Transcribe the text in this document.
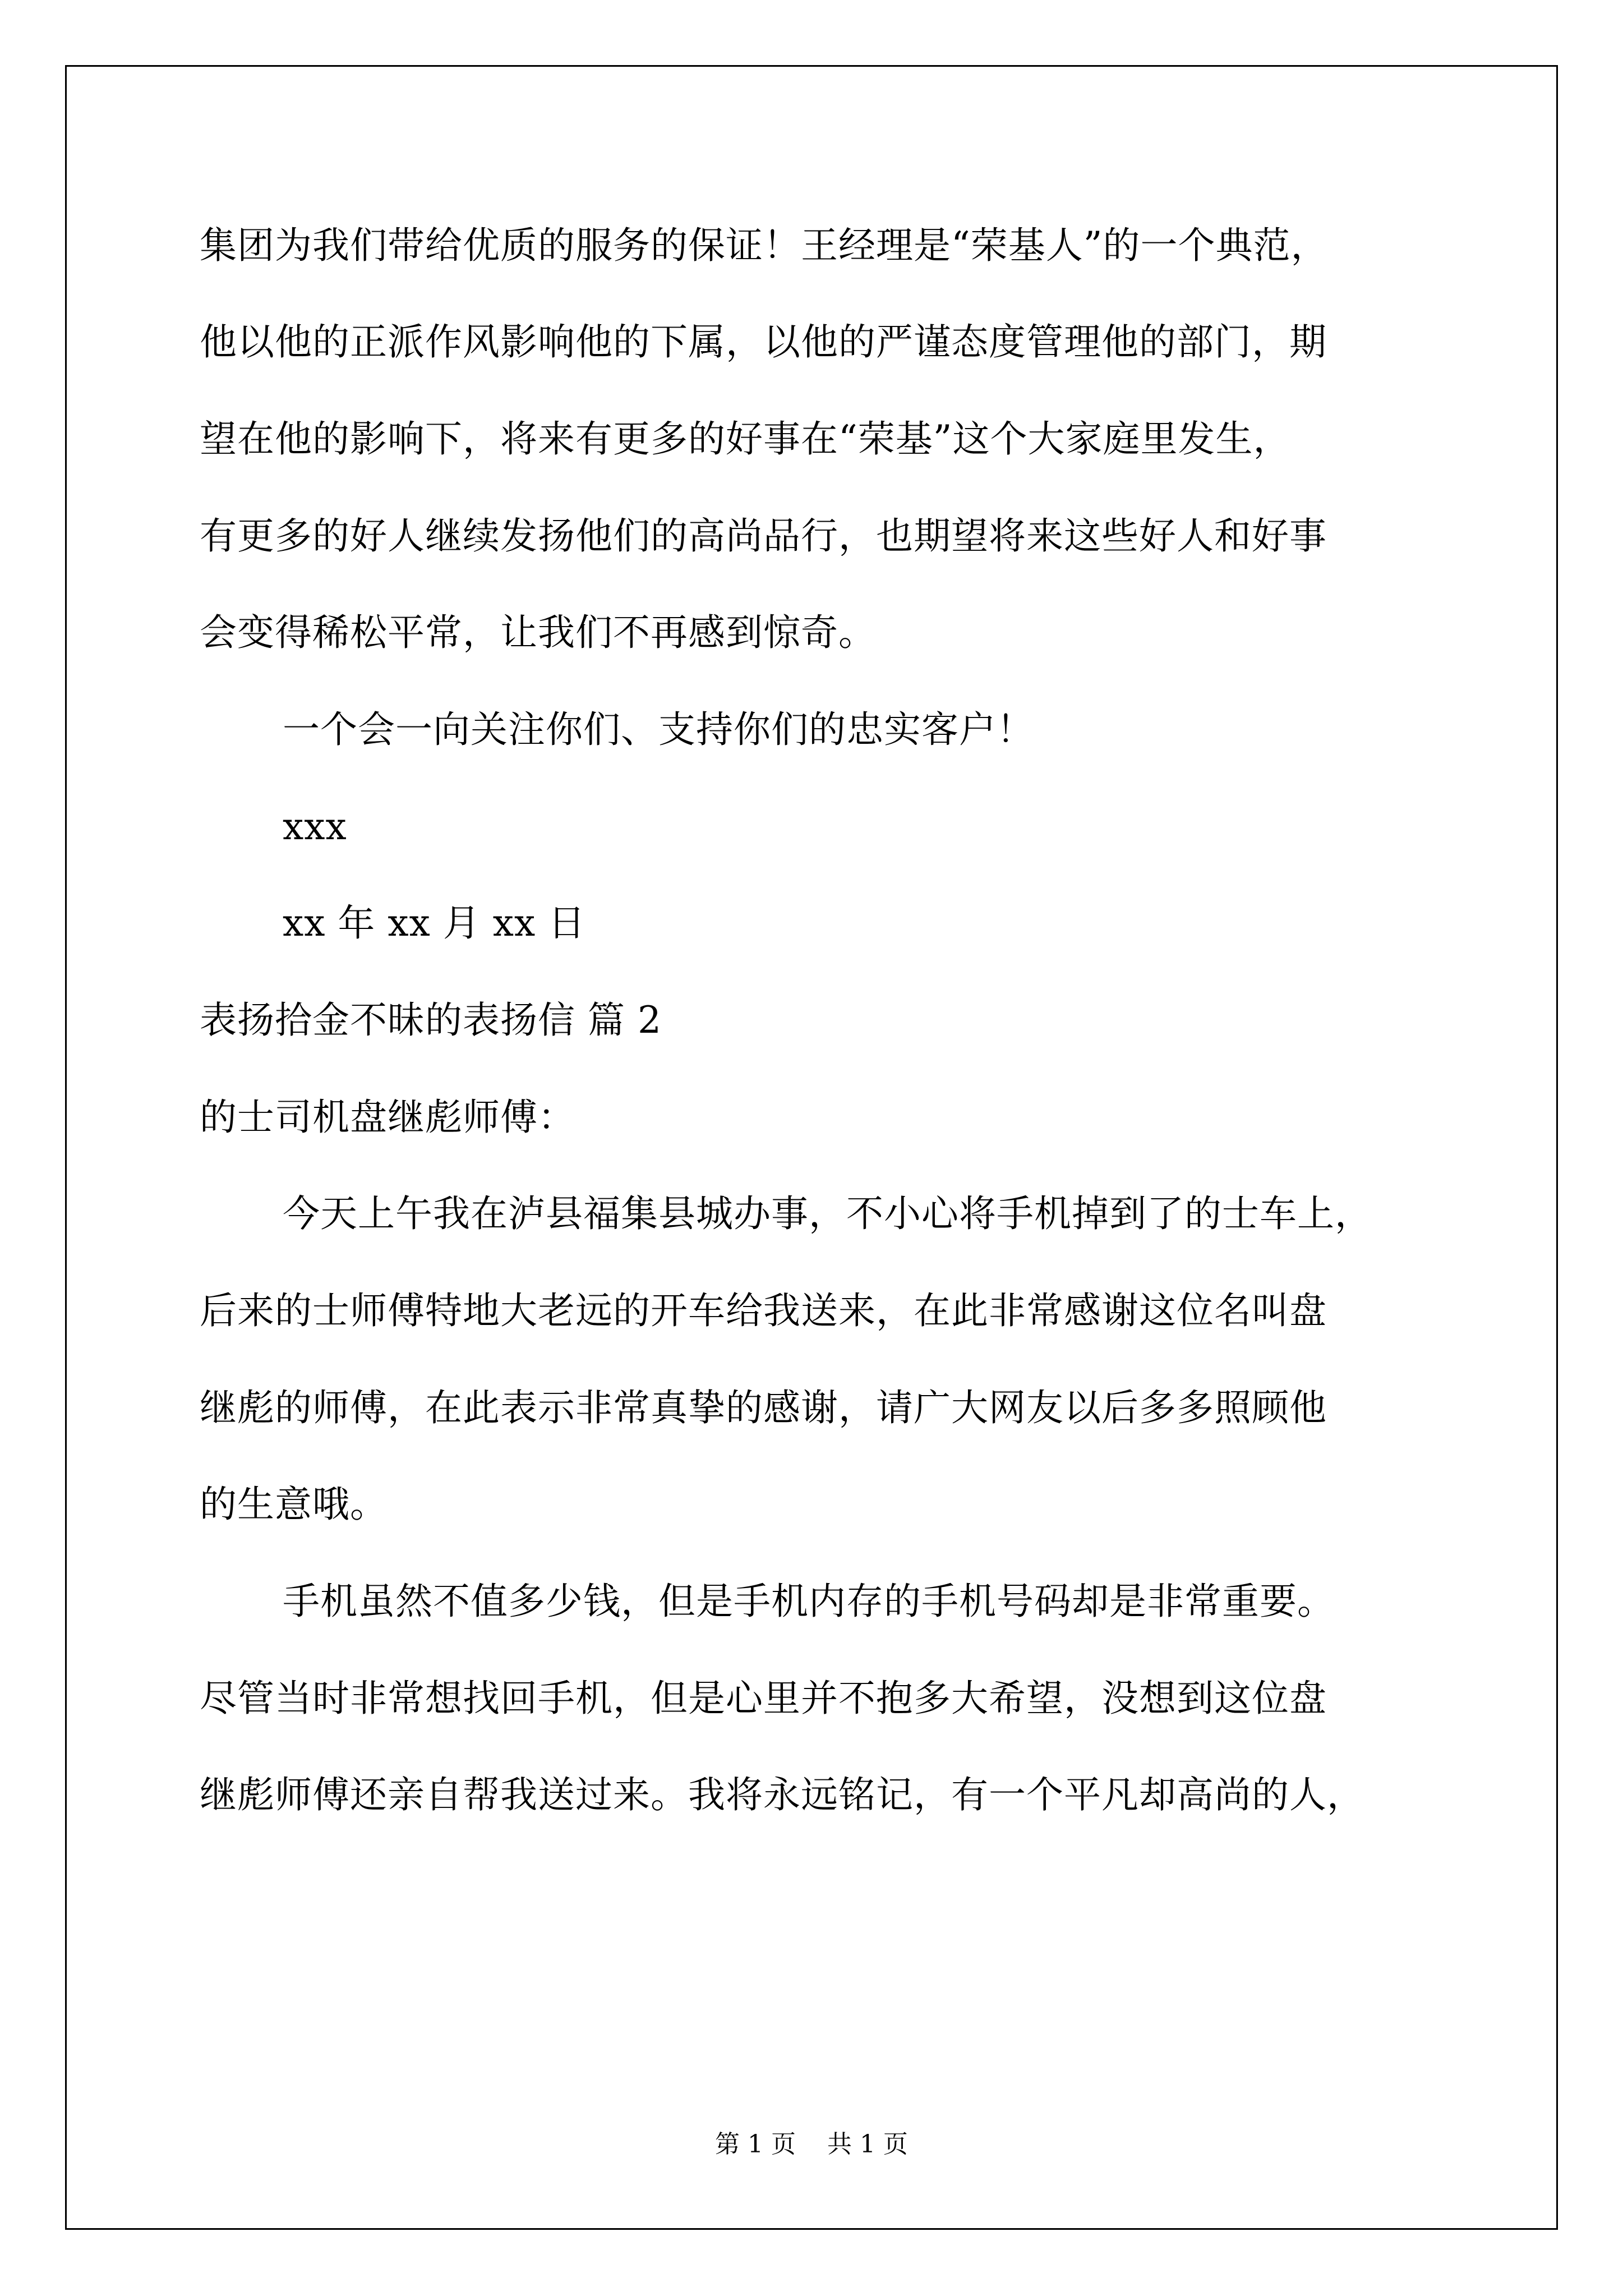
集团为我们带给优质的服务的保证！王经理是“荣基人”的一个典范，
他以他的正派作风影响他的下属，以他的严谨态度管理他的部门，期
望在他的影响下，将来有更多的好事在“荣基”这个大家庭里发生，
有更多的好人继续发扬他们的高尚品行，也期望将来这些好人和好事
会变得稀松平常，让我们不再感到惊奇。
一个会一向关注你们、支持你们的忠实客户！
xxx
xx 年 xx 月 xx 日
表扬拾金不昧的表扬信 篇 2
的士司机盘继彪师傅：
今天上午我在泸县福集县城办事，不小心将手机掉到了的士车上，
后来的士师傅特地大老远的开车给我送来，在此非常感谢这位名叫盘
继彪的师傅，在此表示非常真挚的感谢，请广大网友以后多多照顾他
的生意哦。
手机虽然不值多少钱，但是手机内存的手机号码却是非常重要。
尽管当时非常想找回手机，但是心里并不抱多大希望，没想到这位盘
继彪师傅还亲自帮我送过来。我将永远铭记，有一个平凡却高尚的人，
第 1 页    共 1 页
